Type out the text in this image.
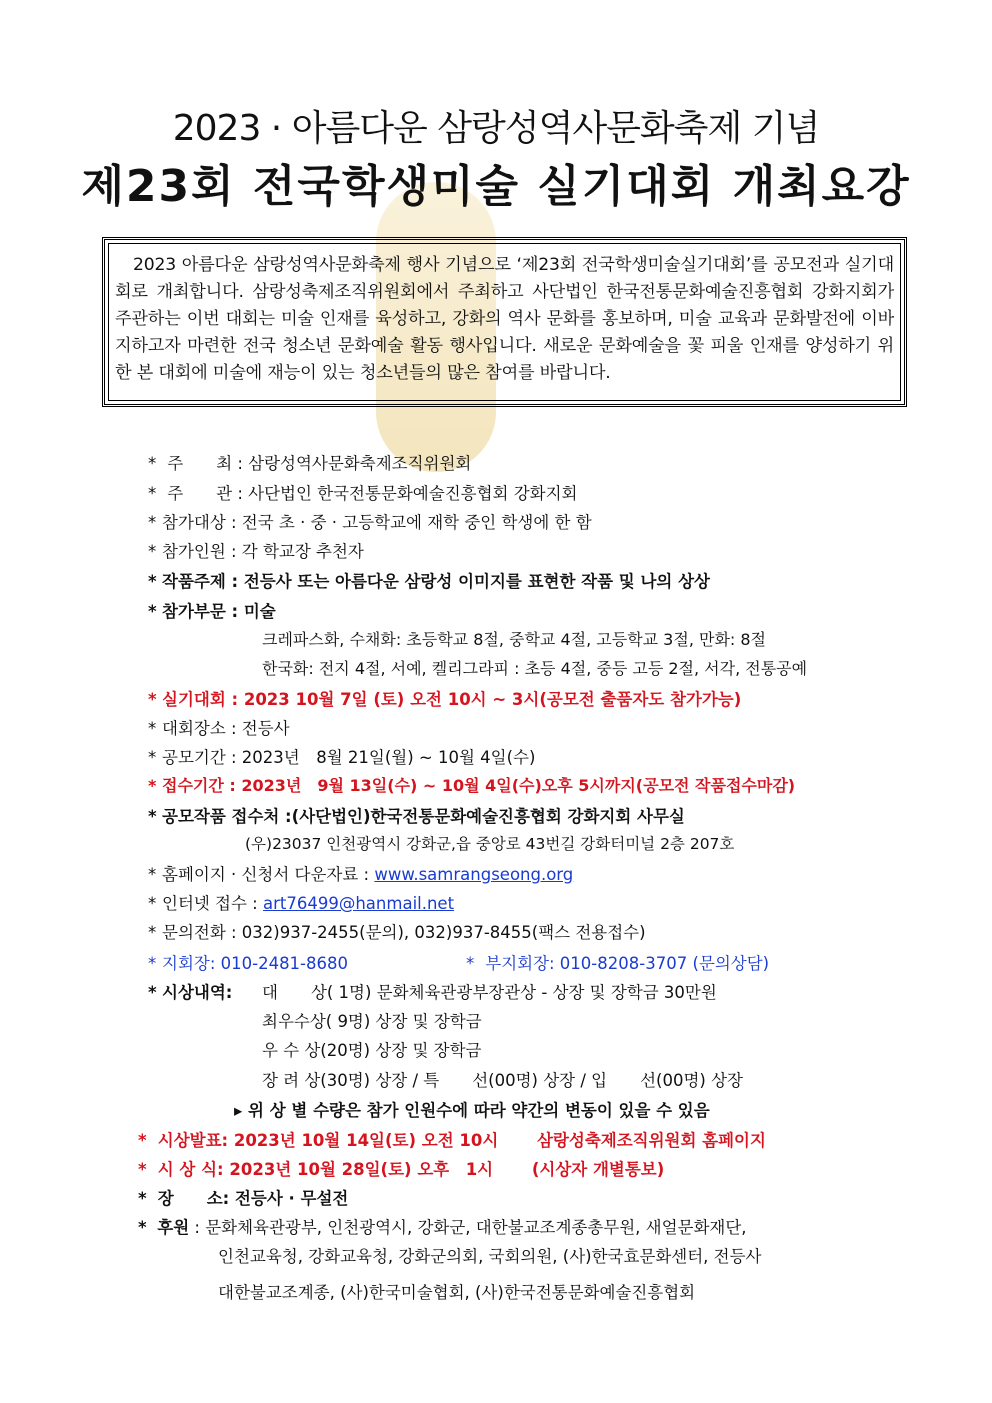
2023 · 아름다운 삼랑성역사문화축제 기념
제23회 전국학생미술 실기대회 개최요강

2023 아름다운 삼랑성역사문화축제 행사 기념으로 ‘제23회 전국학생미술실기대회’를 공모전과 실기대회로 개최합니다. 삼랑성축제조직위원회에서 주최하고 사단법인 한국전통문화예술진흥협회 강화지회가 주관하는 이번 대회는 미술 인재를 육성하고, 강화의 역사 문화를 홍보하며, 미술 교육과 문화발전에 이바지하고자 마련한 전국 청소년 문화예술 활동 행사입니다. 새로운 문화예술을 꽃 피울 인재를 양성하기 위한 본 대회에 미술에 재능이 있는 청소년들의 많은 참여를 바랍니다.

* 주　　최 : 삼랑성역사문화축제조직위원회
* 주　　관 : 사단법인 한국전통문화예술진흥협회 강화지회
* 참가대상 : 전국 초 · 중 · 고등학교에 재학 중인 학생에 한 함
* 참가인원 : 각 학교장 추천자
* 작품주제 : 전등사 또는 아름다운 삼랑성 이미지를 표현한 작품 및 나의 상상
* 참가부문 : 미술
크레파스화, 수채화: 초등학교 8절, 중학교 4절, 고등학교 3절, 만화: 8절
한국화: 전지 4절, 서예, 켈리그라피 : 초등 4절, 중등 고등 2절, 서각, 전통공예
* 실기대회 : 2023 10월 7일 (토) 오전 10시 ~ 3시(공모전 출품자도 참가가능)
* 대회장소 : 전등사
* 공모기간 : 2023년　8월 21일(월) ~ 10월 4일(수)
* 접수기간 : 2023년　9월 13일(수) ~ 10월 4일(수)오후 5시까지(공모전 작품접수마감)
* 공모작품 접수처 :(사단법인)한국전통문화예술진흥협회 강화지회 사무실
(우)23037 인천광역시 강화군,읍 중앙로 43번길 강화터미널 2층 207호
* 홈페이지 · 신청서 다운자료 : www.samrangseong.org
* 인터넷 접수 : art76499@hanmail.net
* 문의전화 : 032)937-2455(문의), 032)937-8455(팩스 전용접수)
* 지회장: 010-2481-8680	* 부지회장: 010-8208-3707 (문의상담)
* 시상내역: 대　　상( 1명) 문화체육관광부장관상 - 상장 및 장학금 30만원
최우수상( 9명) 상장 및 장학금
우 수 상(20명) 상장 및 장학금
장 려 상(30명) 상장 / 특　　선(00명) 상장 / 입　　선(00명) 상장
▸ 위 상 별 수량은 참가 인원수에 따라 약간의 변동이 있을 수 있음
* 시상발표: 2023년 10월 14일(토) 오전 10시　　 삼랑성축제조직위원회 홈페이지
* 시 상 식: 2023년 10월 28일(토) 오후　1시　　 (시상자 개별통보)
* 장　　소: 전등사 · 무설전
* 후원 : 문화체육관광부, 인천광역시, 강화군, 대한불교조계종총무원, 새얼문화재단,
인천교육청, 강화교육청, 강화군의회, 국회의원, (사)한국효문화센터, 전등사
대한불교조계종, (사)한국미술협회, (사)한국전통문화예술진흥협회
